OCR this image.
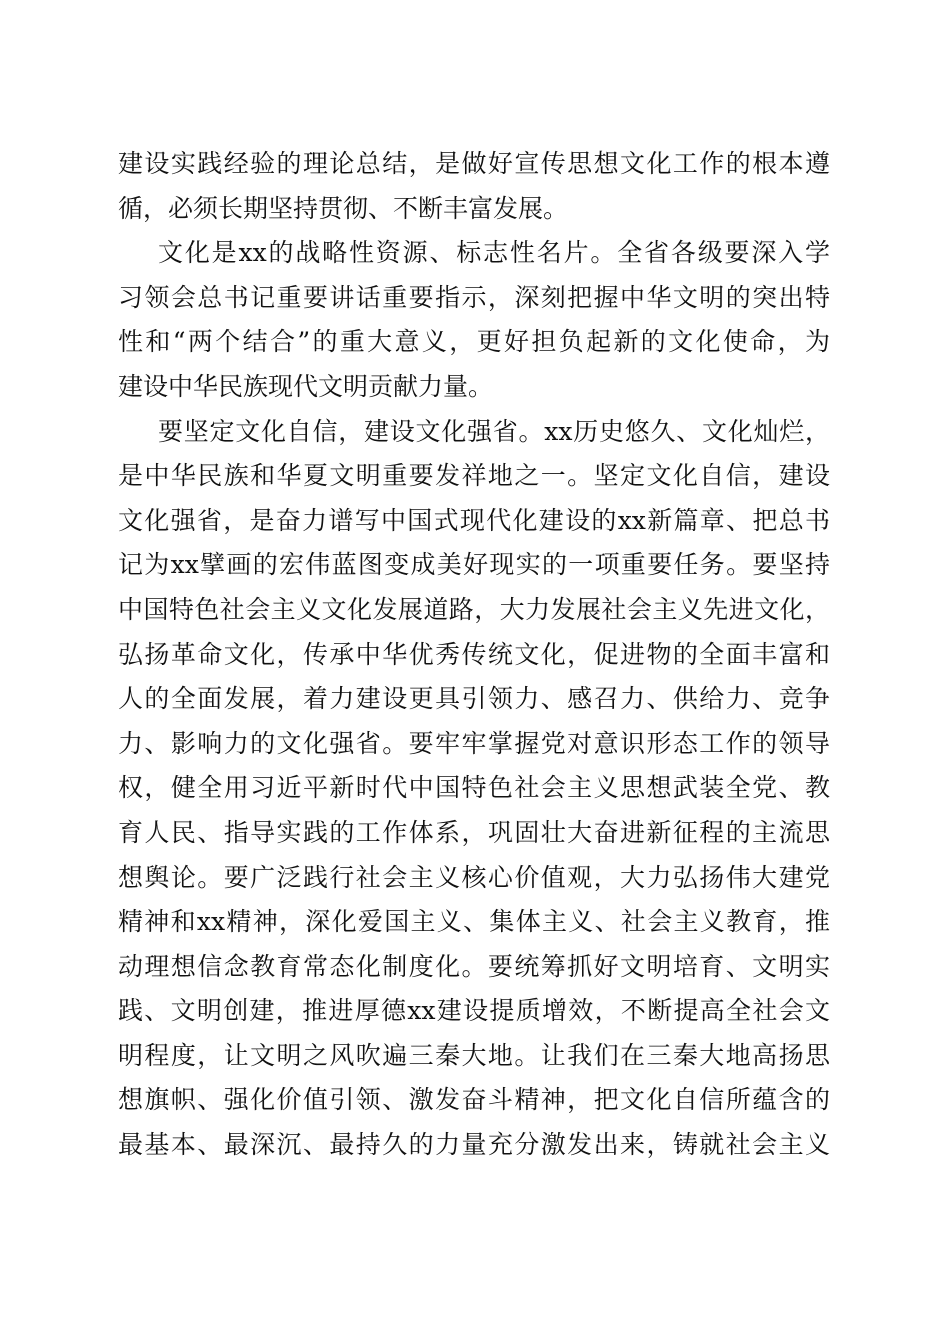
建设实践经验的理论总结，是做好宣传思想文化工作的根本遵
循，必须长期坚持贯彻、不断丰富发展。
文化是xx的战略性资源、标志性名片。全省各级要深入学
习领会总书记重要讲话重要指示，深刻把握中华文明的突出特
性和“两个结合”的重大意义，更好担负起新的文化使命，为
建设中华民族现代文明贡献力量。
要坚定文化自信，建设文化强省。xx历史悠久、文化灿烂，
是中华民族和华夏文明重要发祥地之一。坚定文化自信，建设
文化强省，是奋力谱写中国式现代化建设的xx新篇章、把总书
记为xx擘画的宏伟蓝图变成美好现实的一项重要任务。要坚持
中国特色社会主义文化发展道路，大力发展社会主义先进文化，
弘扬革命文化，传承中华优秀传统文化，促进物的全面丰富和
人的全面发展，着力建设更具引领力、感召力、供给力、竞争
力、影响力的文化强省。要牢牢掌握党对意识形态工作的领导
权，健全用习近平新时代中国特色社会主义思想武装全党、教
育人民、指导实践的工作体系，巩固壮大奋进新征程的主流思
想舆论。要广泛践行社会主义核心价值观，大力弘扬伟大建党
精神和xx精神，深化爱国主义、集体主义、社会主义教育，推
动理想信念教育常态化制度化。要统筹抓好文明培育、文明实
践、文明创建，推进厚德xx建设提质增效，不断提高全社会文
明程度，让文明之风吹遍三秦大地。让我们在三秦大地高扬思
想旗帜、强化价值引领、激发奋斗精神，把文化自信所蕴含的
最基本、最深沉、最持久的力量充分激发出来，铸就社会主义
